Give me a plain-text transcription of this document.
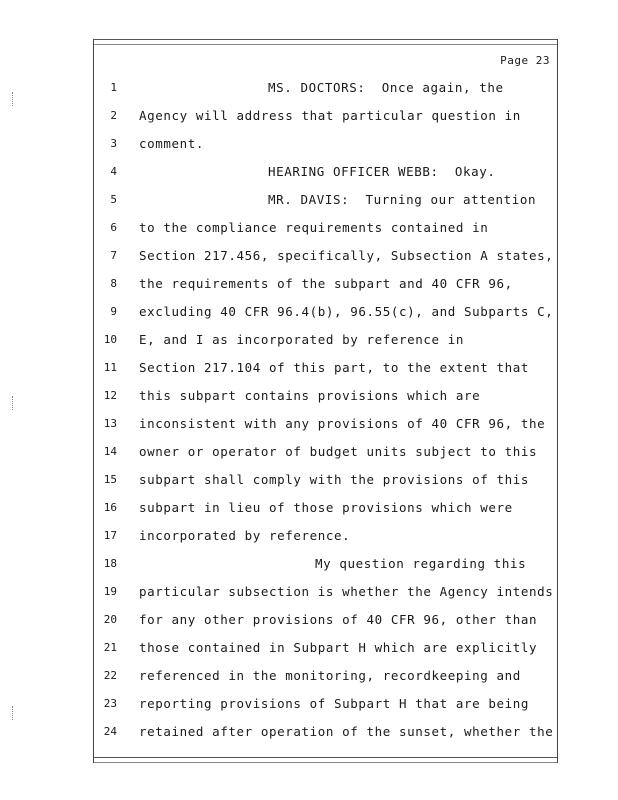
Page 23
1	MS. DOCTORS:  Once again, the
2 Agency will address that particular question in
3 comment.
4	HEARING OFFICER WEBB:  Okay.
5	MR. DAVIS:  Turning our attention
6 to the compliance requirements contained in
7 Section 217.456, specifically, Subsection A states,
8 the requirements of the subpart and 40 CFR 96,
9 excluding 40 CFR 96.4(b), 96.55(c), and Subparts C,
10 E, and I as incorporated by reference in
11 Section 217.104 of this part, to the extent that
12 this subpart contains provisions which are
13 inconsistent with any provisions of 40 CFR 96, the
14 owner or operator of budget units subject to this
15 subpart shall comply with the provisions of this
16 subpart in lieu of those provisions which were
17 incorporated by reference.
18	My question regarding this
19 particular subsection is whether the Agency intends
20 for any other provisions of 40 CFR 96, other than
21 those contained in Subpart H which are explicitly
22 referenced in the monitoring, recordkeeping and
23 reporting provisions of Subpart H that are being
24 retained after operation of the sunset, whether the
